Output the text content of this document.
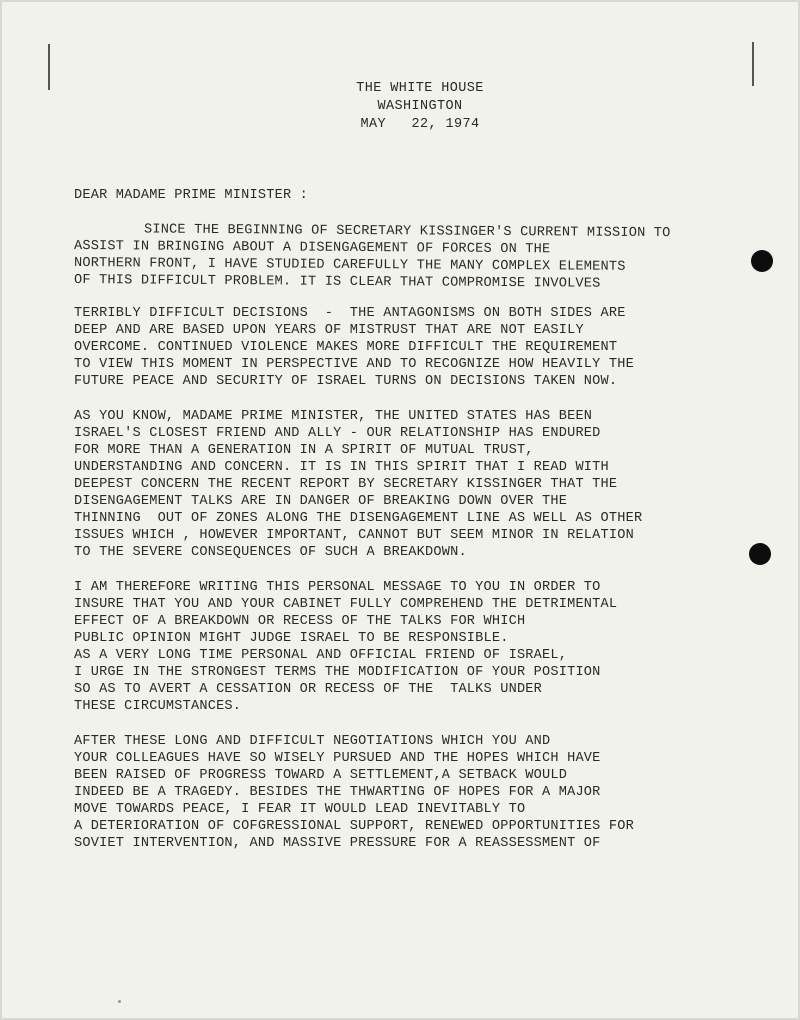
THE WHITE HOUSE
WASHINGTON
MAY   22, 1974
DEAR MADAME PRIME MINISTER :
SINCE THE BEGINNING OF SECRETARY KISSINGER'S CURRENT MISSION TO
ASSIST IN BRINGING ABOUT A DISENGAGEMENT OF FORCES ON THE
NORTHERN FRONT, I HAVE STUDIED CAREFULLY THE MANY COMPLEX ELEMENTS
OF THIS DIFFICULT PROBLEM. IT IS CLEAR THAT COMPROMISE INVOLVES
TERRIBLY DIFFICULT DECISIONS  -  THE ANTAGONISMS ON BOTH SIDES ARE
DEEP AND ARE BASED UPON YEARS OF MISTRUST THAT ARE NOT EASILY
OVERCOME. CONTINUED VIOLENCE MAKES MORE DIFFICULT THE REQUIREMENT
TO VIEW THIS MOMENT IN PERSPECTIVE AND TO RECOGNIZE HOW HEAVILY THE
FUTURE PEACE AND SECURITY OF ISRAEL TURNS ON DECISIONS TAKEN NOW.
AS YOU KNOW, MADAME PRIME MINISTER, THE UNITED STATES HAS BEEN
ISRAEL'S CLOSEST FRIEND AND ALLY - OUR RELATIONSHIP HAS ENDURED
FOR MORE THAN A GENERATION IN A SPIRIT OF MUTUAL TRUST,
UNDERSTANDING AND CONCERN. IT IS IN THIS SPIRIT THAT I READ WITH
DEEPEST CONCERN THE RECENT REPORT BY SECRETARY KISSINGER THAT THE
DISENGAGEMENT TALKS ARE IN DANGER OF BREAKING DOWN OVER THE
THINNING  OUT OF ZONES ALONG THE DISENGAGEMENT LINE AS WELL AS OTHER
ISSUES WHICH , HOWEVER IMPORTANT, CANNOT BUT SEEM MINOR IN RELATION
TO THE SEVERE CONSEQUENCES OF SUCH A BREAKDOWN.
I AM THEREFORE WRITING THIS PERSONAL MESSAGE TO YOU IN ORDER TO
INSURE THAT YOU AND YOUR CABINET FULLY COMPREHEND THE DETRIMENTAL
EFFECT OF A BREAKDOWN OR RECESS OF THE TALKS FOR WHICH
PUBLIC OPINION MIGHT JUDGE ISRAEL TO BE RESPONSIBLE.
AS A VERY LONG TIME PERSONAL AND OFFICIAL FRIEND OF ISRAEL,
I URGE IN THE STRONGEST TERMS THE MODIFICATION OF YOUR POSITION
SO AS TO AVERT A CESSATION OR RECESS OF THE  TALKS UNDER
THESE CIRCUMSTANCES.
AFTER THESE LONG AND DIFFICULT NEGOTIATIONS WHICH YOU AND
YOUR COLLEAGUES HAVE SO WISELY PURSUED AND THE HOPES WHICH HAVE
BEEN RAISED OF PROGRESS TOWARD A SETTLEMENT,A SETBACK WOULD
INDEED BE A TRAGEDY. BESIDES THE THWARTING OF HOPES FOR A MAJOR
MOVE TOWARDS PEACE, I FEAR IT WOULD LEAD INEVITABLY TO
A DETERIORATION OF COFGRESSIONAL SUPPORT, RENEWED OPPORTUNITIES FOR
SOVIET INTERVENTION, AND MASSIVE PRESSURE FOR A REASSESSMENT OF
